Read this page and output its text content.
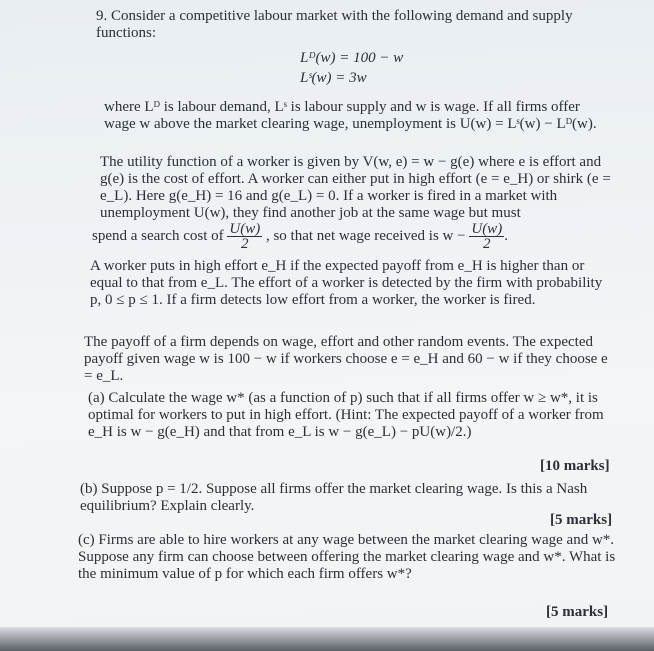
9. Consider a competitive labour market with the following demand and supply functions:
Lᴰ(w) = 100 − w
Lˢ(w) = 3w
where Lᴰ is labour demand, Lˢ is labour supply and w is wage. If all firms offer wage w above the market clearing wage, unemployment is U(w) = Lˢ(w) − Lᴰ(w).
The utility function of a worker is given by V(w, e) = w − g(e) where e is effort and g(e) is the cost of effort. A worker can either put in high effort (e = e_H) or shirk (e = e_L). Here g(e_H) = 16 and g(e_L) = 0. If a worker is fired in a market with unemployment U(w), they find another job at the same wage but must
spend a search cost of $\frac{U(w)}{2}$ , so that net wage received is $w - \frac{U(w)}{2}$ .
A worker puts in high effort e_H if the expected payoff from e_H is higher than or equal to that from e_L. The effort of a worker is detected by the firm with probability p, 0 ≤ p ≤ 1. If a firm detects low effort from a worker, the worker is fired.
The payoff of a firm depends on wage, effort and other random events. The expected payoff given wage w is 100 − w if workers choose e = e_H and 60 − w if they choose e = e_L.
(a) Calculate the wage w* (as a function of p) such that if all firms offer w ≥ w*, it is optimal for workers to put in high effort. (Hint: The expected payoff of a worker from e_H is w − g(e_H) and that from e_L is w − g(e_L) − pU(w)/2.)
[10 marks]
(b) Suppose p = 1/2. Suppose all firms offer the market clearing wage. Is this a Nash equilibrium? Explain clearly.
[5 marks]
(c) Firms are able to hire workers at any wage between the market clearing wage and w*. Suppose any firm can choose between offering the market clearing wage and w*. What is the minimum value of p for which each firm offers w*?
[5 marks]
